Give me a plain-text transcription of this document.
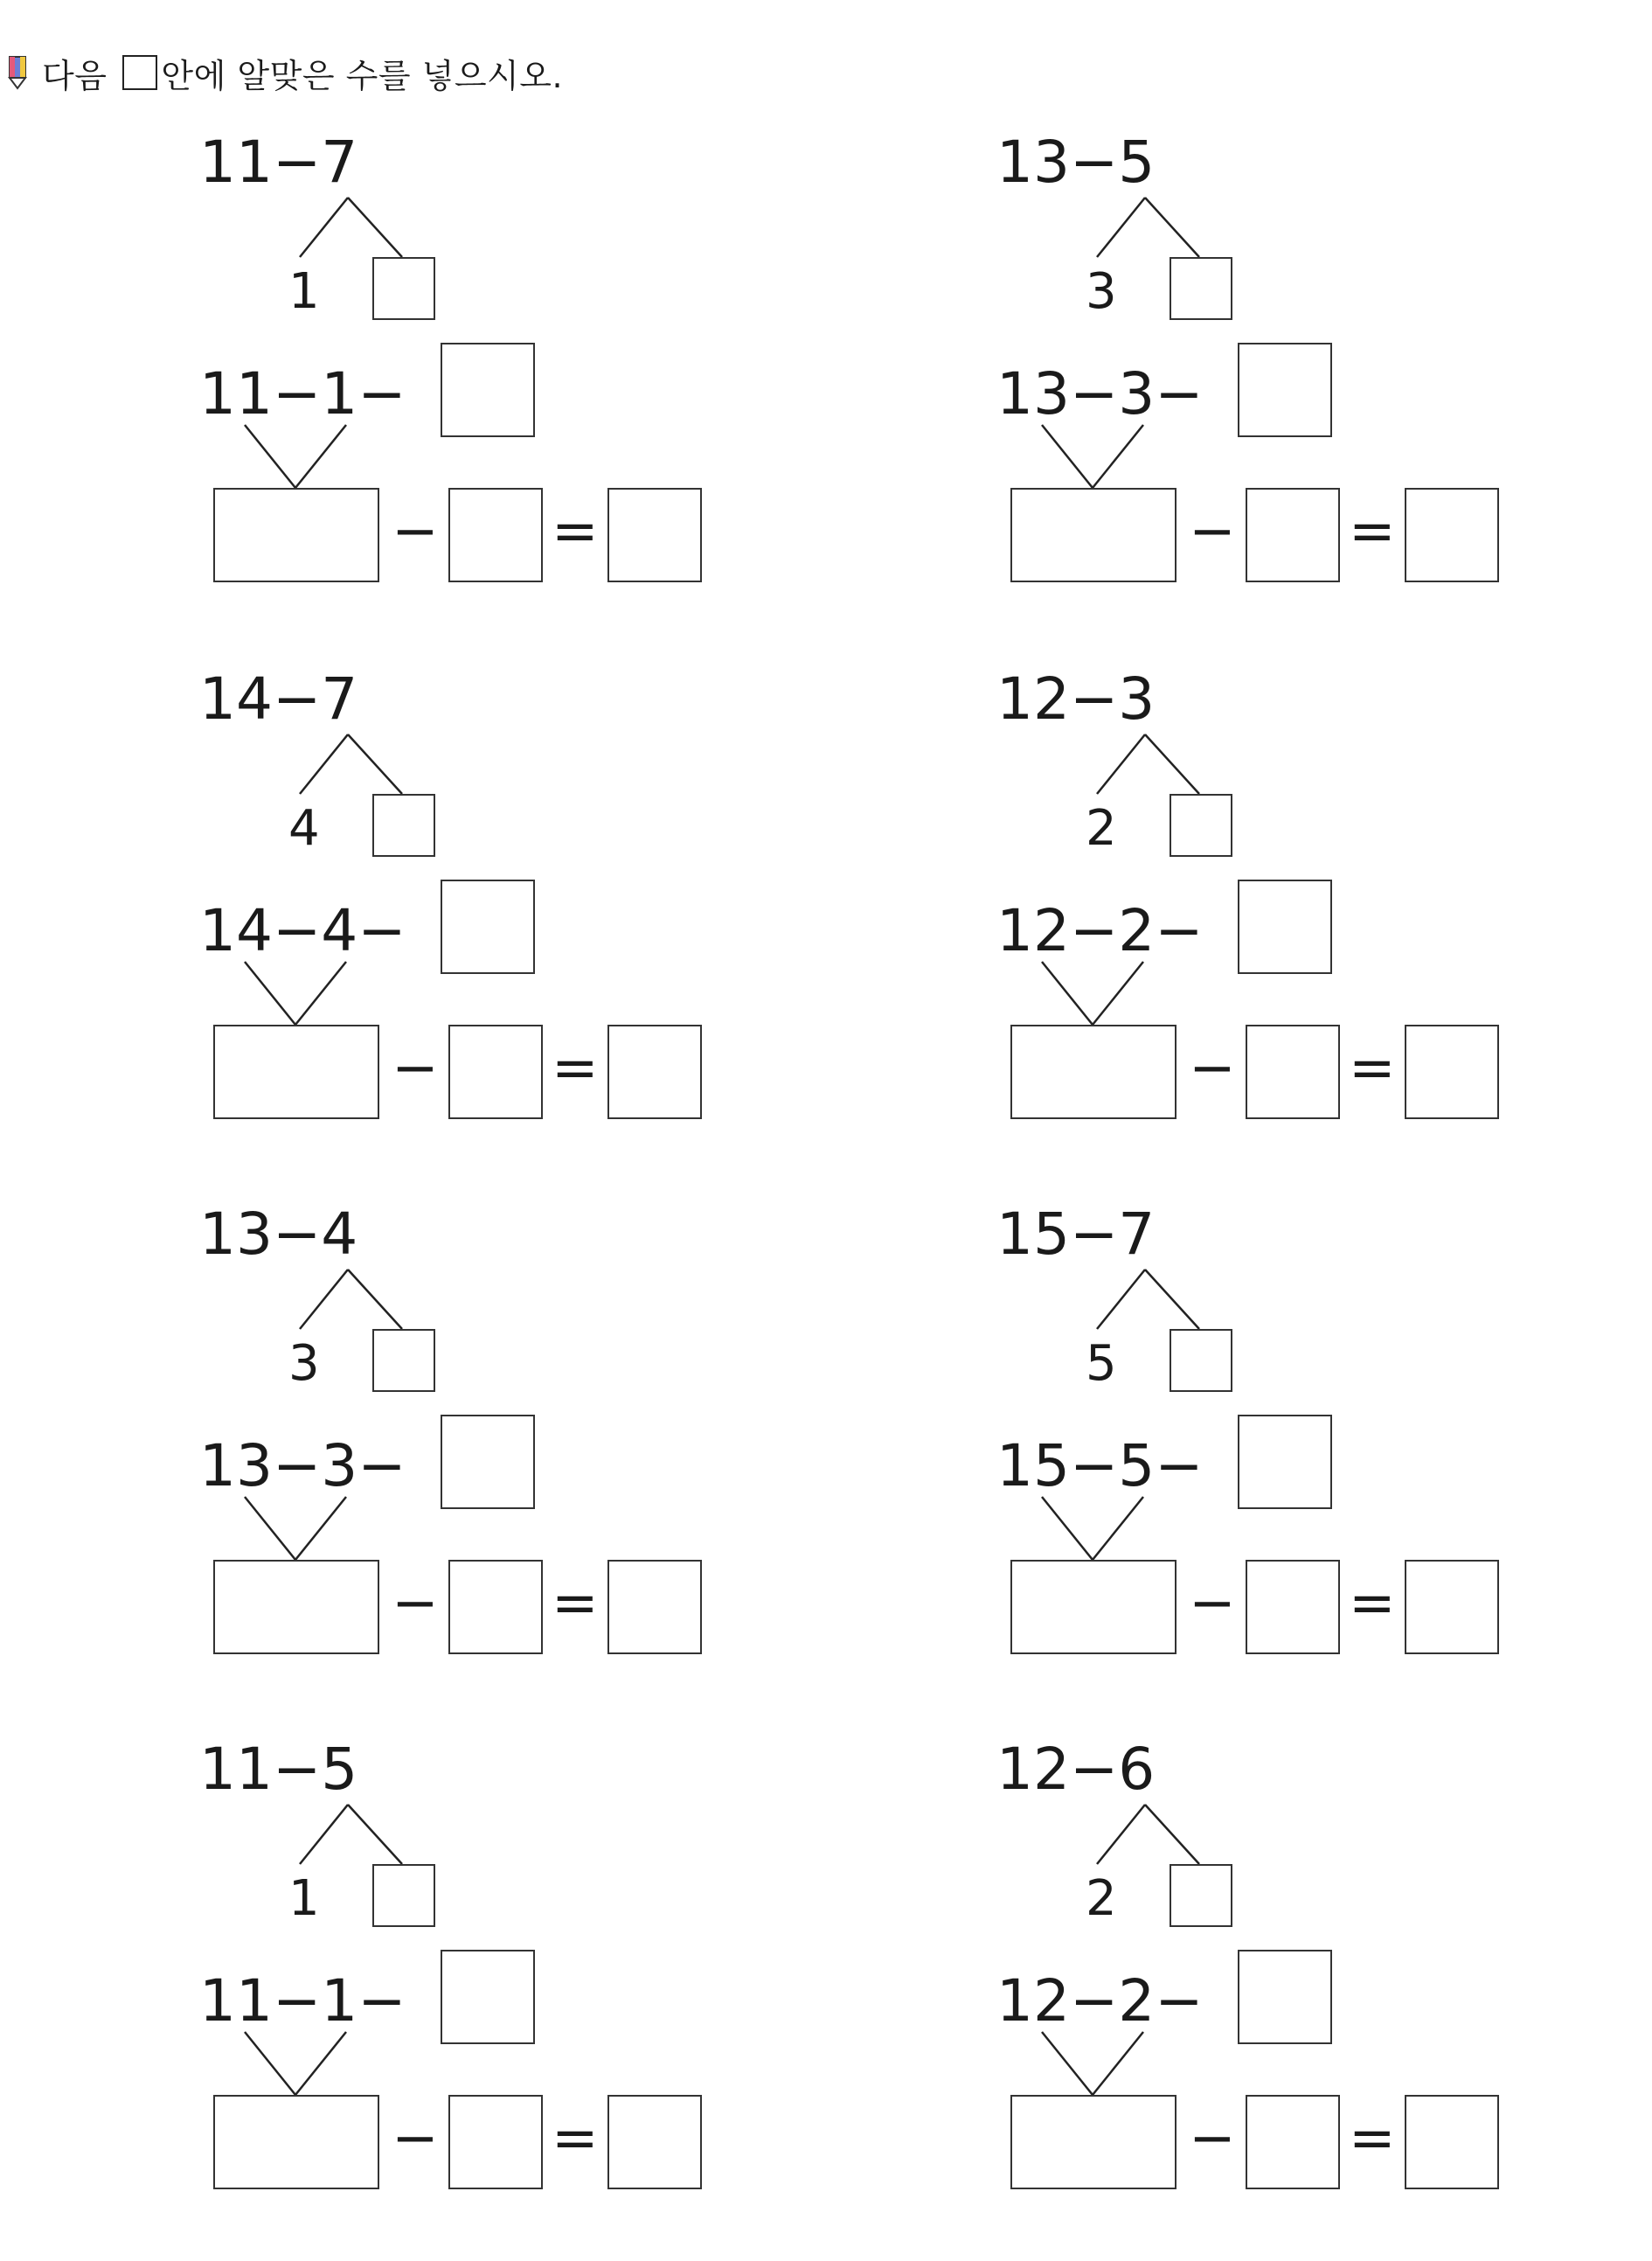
다음 안에 알맞은 수를 넣으시오.
11−7
1
11−1−
− =
13−5
3
13−3−
− =
14−7
4
14−4−
− =
12−3
2
12−2−
− =
13−4
3
13−3−
− =
15−7
5
15−5−
− =
11−5
1
11−1−
− =
12−6
2
12−2−
− =
